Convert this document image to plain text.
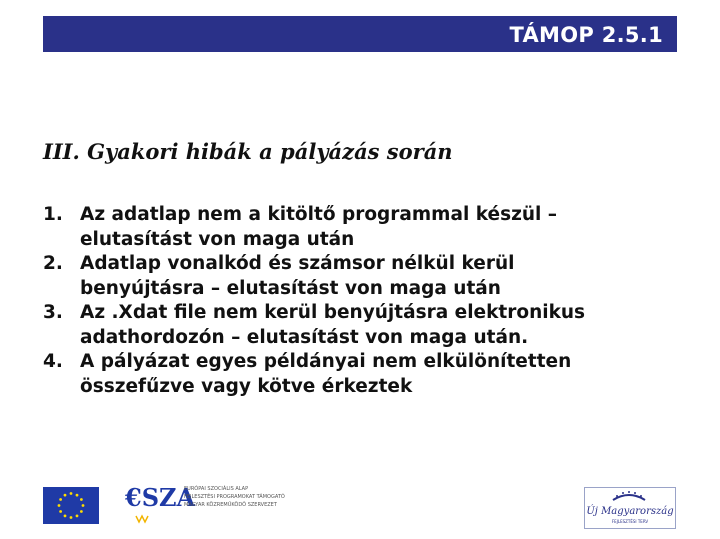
TÁMOP 2.5.1
III. Gyakori hibák a pályázás során
1. Az adatlap nem a kitöltő programmal készül –
elutasítást von maga után
2. Adatlap vonalkód és számsor nélkül kerül
benyújtásra – elutasítást von maga után
3. Az .Xdat file nem kerül benyújtásra elektronikus
adathordozón – elutasítást von maga után.
4. A pályázat egyes példányai nem elkülönítetten
összefűzve vagy kötve érkeztek
€SZA
EURÓPAI SZOCIÁLIS ALAP
FEJLESZTÉSI PROGRAMOKAT TÁMOGATÓ
MAGYAR KÖZREMŰKÖDŐ SZERVEZET
Új Magyarország
FEJLESZTÉSI TERV
